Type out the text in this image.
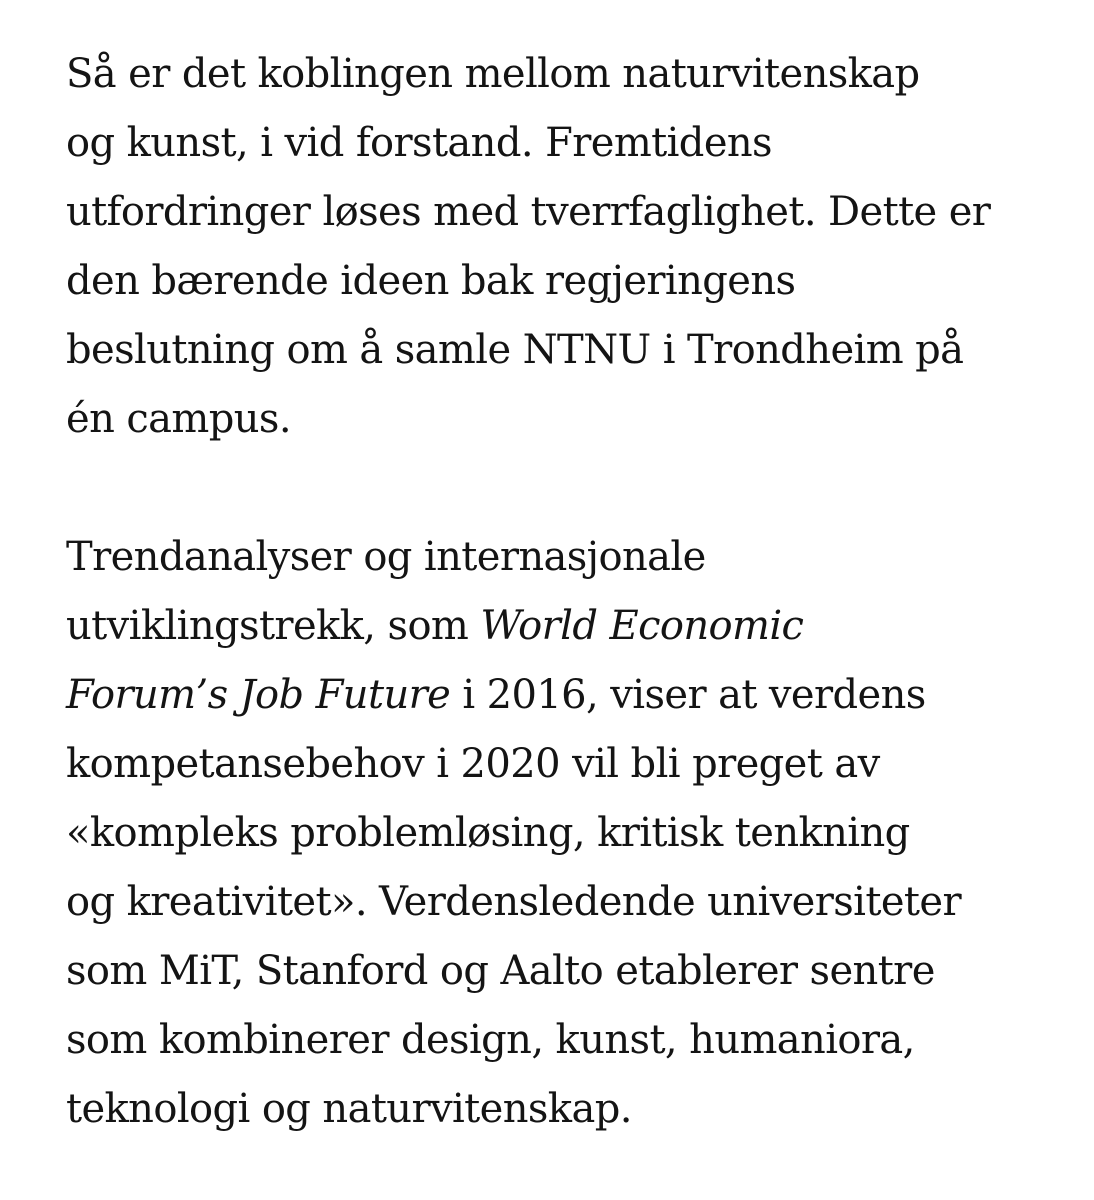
Så er det koblingen mellom naturvitenskap
og kunst, i vid forstand. Fremtidens
utfordringer løses med tverrfaglighet. Dette er
den bærende ideen bak regjeringens
beslutning om å samle NTNU i Trondheim på
én campus.

Trendanalyser og internasjonale
utviklingstrekk, som World Economic
Forum’s Job Future i 2016, viser at verdens
kompetansebehov i 2020 vil bli preget av
«kompleks problemløsing, kritisk tenkning
og kreativitet». Verdensledende universiteter
som MiT, Stanford og Aalto etablerer sentre
som kombinerer design, kunst, humaniora,
teknologi og naturvitenskap.
